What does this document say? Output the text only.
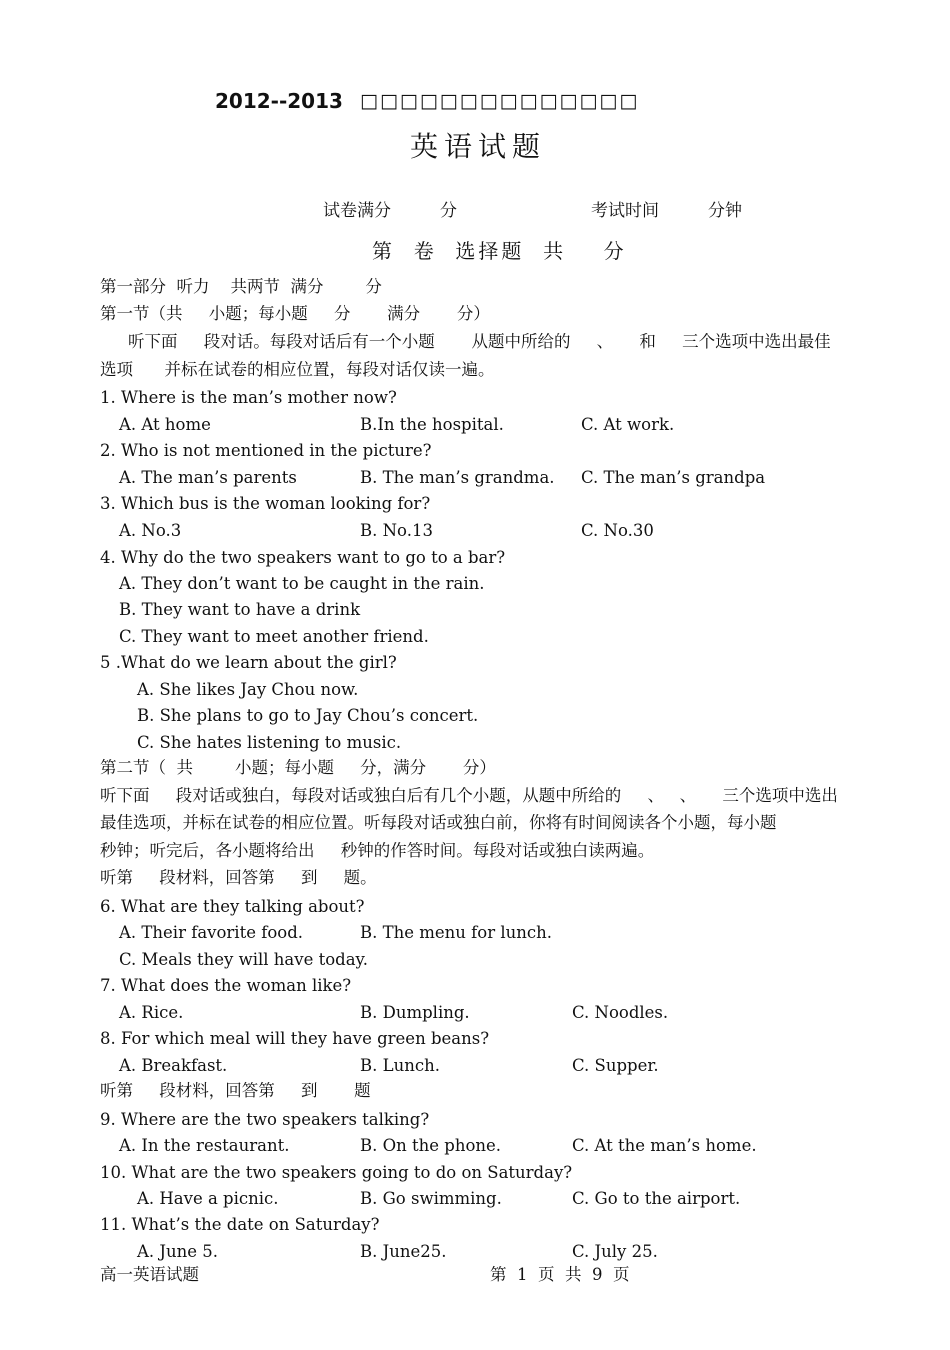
2012--2013 □□□□□□□□□□□□□□
英语试题
试卷满分	分	考试时间	分钟
第  卷  选择题  共    分
第一部分  听力    共两节  满分        分
第一节（共     小题；每小题     分       满分       分）
听下面     段对话。每段对话后有一个小题       从题中所给的     、     和     三个选项中选出最佳
选项      并标在试卷的相应位置，每段对话仅读一遍。
1. Where is the man’s mother now?
A. At home	B.In the hospital.	C. At work.
2. Who is not mentioned in the picture?
A. The man’s parents	B. The man’s grandma. C. The man’s grandpa
3. Which bus is the woman looking for?
A. No.3	B. No.13	C. No.30
4. Why do the two speakers want to go to a bar?
A. They don’t want to be caught in the rain.
B. They want to have a drink
C. They want to meet another friend.
5 .What do we learn about the girl?
A. She likes Jay Chou now.
B. She plans to go to Jay Chou’s concert.
C. She hates listening to music.
第二节（  共        小题；每小题     分，满分       分）
听下面     段对话或独白，每段对话或独白后有几个小题，从题中所给的     、   、     三个选项中选出
最佳选项，并标在试卷的相应位置。听每段对话或独白前，你将有时间阅读各个小题，每小题
秒钟；听完后，各小题将给出     秒钟的作答时间。每段对话或独白读两遍。
听第     段材料，回答第     到     题。
6. What are they talking about?
A. Their favorite food.	B. The menu for lunch.
C. Meals they will have today.
7. What does the woman like?
A. Rice.	B. Dumpling.	C. Noodles.
8. For which meal will they have green beans?
A. Breakfast.	B. Lunch.	C. Supper.
听第     段材料，回答第     到       题
9. Where are the two speakers talking?
A. In the restaurant.	B. On the phone.	C. At the man’s home.
10. What are the two speakers going to do on Saturday?
A. Have a picnic.	B. Go swimming.	C. Go to the airport.
11. What’s the date on Saturday?
A. June 5.	B. June25.	C. July 25.
高一英语试题	第  1  页  共  9  页
